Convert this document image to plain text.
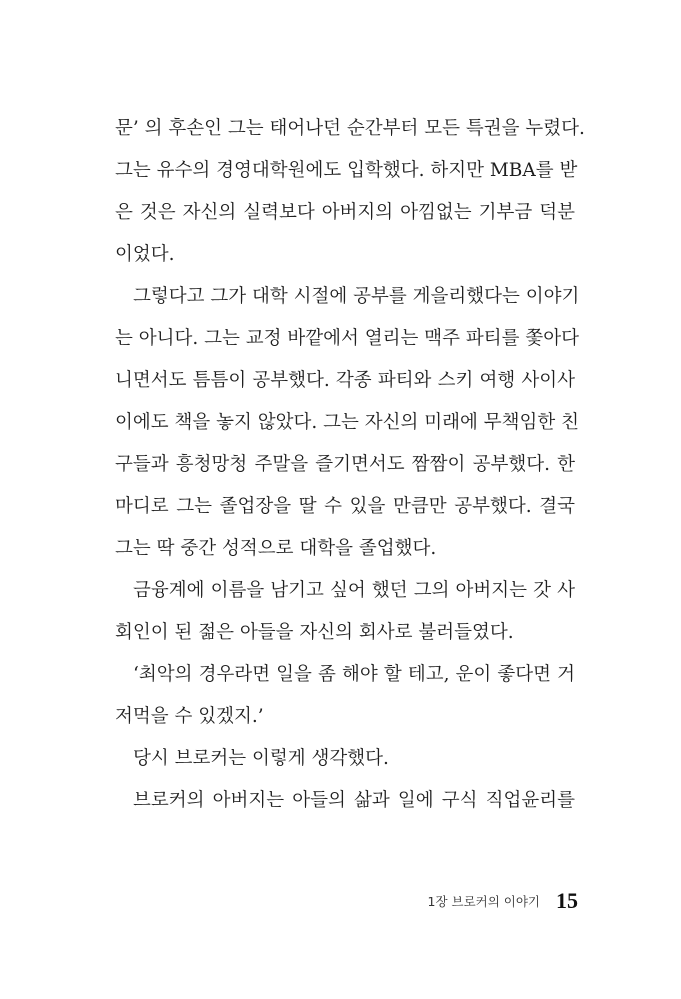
문’ 의 후손인 그는 태어나던 순간부터 모든 특권을 누렸다.
그는 유수의 경영대학원에도 입학했다. 하지만 MBA를 받
은 것은 자신의 실력보다 아버지의 아낌없는 기부금 덕분
이었다.
그렇다고 그가 대학 시절에 공부를 게을리했다는 이야기
는 아니다. 그는 교정 바깥에서 열리는 맥주 파티를 쫓아다
니면서도 틈틈이 공부했다. 각종 파티와 스키 여행 사이사
이에도 책을 놓지 않았다. 그는 자신의 미래에 무책임한 친
구들과 흥청망청 주말을 즐기면서도 짬짬이 공부했다. 한
마디로 그는 졸업장을 딸 수 있을 만큼만 공부했다. 결국
그는 딱 중간 성적으로 대학을 졸업했다.
금융계에 이름을 남기고 싶어 했던 그의 아버지는 갓 사
회인이 된 젊은 아들을 자신의 회사로 불러들였다.
‘최악의 경우라면 일을 좀 해야 할 테고, 운이 좋다면 거
저먹을 수 있겠지.’
당시 브로커는 이렇게 생각했다.
브로커의 아버지는 아들의 삶과 일에 구식 직업윤리를
1장 브로커의 이야기 15
